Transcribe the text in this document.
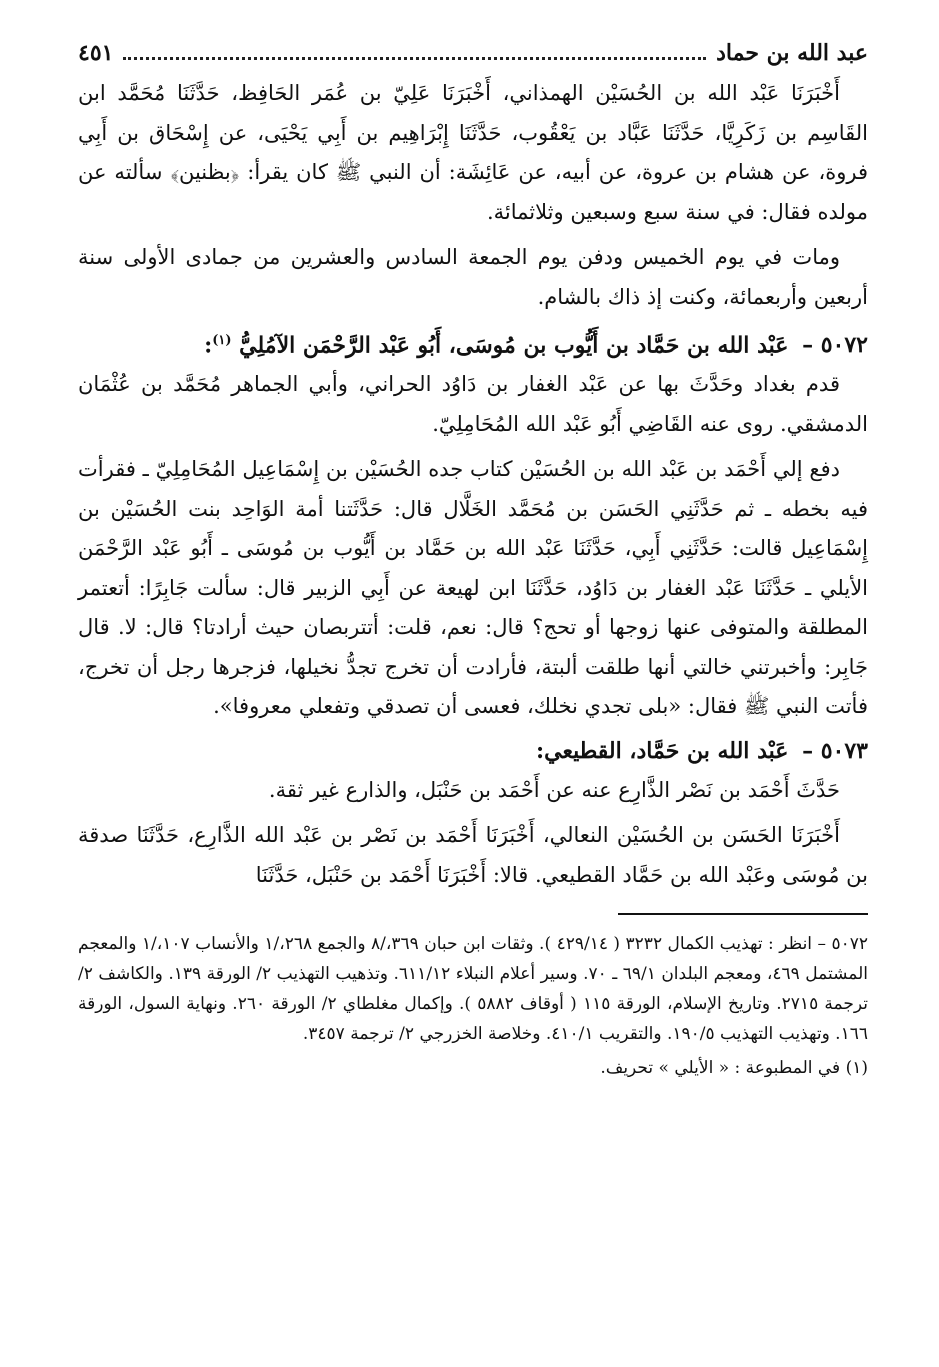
عبد الله بن حماد
٤٥١

أَخْبَرَنَا عَبْد الله بن الحُسَيْن الهمذاني، أَخْبَرَنَا عَلِيّ بن عُمَر الحَافِظ، حَدَّثَنَا مُحَمَّد ابن القَاسِم بن زَكَرِيَّا، حَدَّثَنَا عَبَّاد بن يَعْقُوب، حَدَّثَنَا إِبْرَاهِيم بن أَبِي يَحْيَى، عن إِسْحَاق بن أَبِي فروة، عن هشام بن عروة، عن أبيه، عن عَائِشَة: أن النبي ﷺ كان يقرأ: ﴿بظنين﴾ سألته عن مولده فقال: في سنة سبع وسبعين وثلاثمائة.

ومات في يوم الخميس ودفن يوم الجمعة السادس والعشرين من جمادى الأولى سنة أربعين وأربعمائة، وكنت إذ ذاك بالشام.

٥٠٧٢ – عَبْد الله بن حَمَّاد بن أَيُّوب بن مُوسَى، أَبُو عَبْد الرَّحْمَن الآمُلِيُّ $^{(١)}$:

قدم بغداد وحَدَّثَ بها عن عَبْد الغفار بن دَاوُد الحراني، وأبي الجماهر مُحَمَّد بن عُثْمَان الدمشقي. روى عنه القَاضِي أَبُو عَبْد الله المُحَامِلِيّ.

دفع إلي أَحْمَد بن عَبْد الله بن الحُسَيْن كتاب جده الحُسَيْن بن إِسْمَاعِيل المُحَامِلِيّ ـ فقرأت فيه بخطه ـ ثم حَدَّثَنِي الحَسَن بن مُحَمَّد الخَلَّال قال: حَدَّثَتنا أمة الوَاحِد بنت الحُسَيْن بن إِسْمَاعِيل قالت: حَدَّثَنِي أَبِي، حَدَّثَنَا عَبْد الله بن حَمَّاد بن أَيُّوب بن مُوسَى ـ أَبُو عَبْد الرَّحْمَن الأيلي ـ حَدَّثَنَا عَبْد الغفار بن دَاوُد، حَدَّثَنَا ابن لهيعة عن أَبِي الزبير قال: سألت جَابِرًا: أتعتمر المطلقة والمتوفى عنها زوجها أو تحج؟ قال: نعم، قلت: أتتربصان حيث أرادتا؟ قال: لا. قال جَابِر: وأخبرتني خالتي أنها طلقت ألبتة، فأرادت أن تخرج تجدُّ نخيلها، فزجرها رجل أن تخرج، فأتت النبي ﷺ فقال: «بلى تجدي نخلك، فعسى أن تصدقي وتفعلي معروفا».

٥٠٧٣ – عَبْد الله بن حَمَّاد، القطيعي:

حَدَّثَ أَحْمَد بن نَصْر الذَّارِع عنه عن أَحْمَد بن حَنْبَل، والذارع غير ثقة.

أَخْبَرَنَا الحَسَن بن الحُسَيْن النعالي، أَخْبَرَنَا أَحْمَد بن نَصْر بن عَبْد الله الذَّارِع، حَدَّثَنَا صدقة بن مُوسَى وعَبْد الله بن حَمَّاد القطيعي. قالا: أَخْبَرَنَا أَحْمَد بن حَنْبَل، حَدَّثَنَا

٥٠٧٢ – انظر : تهذيب الكمال ٣٢٣٢ ( ٤٢٩/١٤ ). وثقات ابن حبان ٣٦٩،/٨ والجمع ٢٦٨،/١ والأنساب ١٠٧،/١ والمعجم المشتمل ٤٦٩، ومعجم البلدان ٦٩/١ ـ ٧٠. وسير أعلام النبلاء ٦١١/١٢. وتذهيب التهذيب ٢/ الورقة ١٣٩. والكاشف ٢/ ترجمة ٢٧١٥. وتاريخ الإسلام، الورقة ١١٥ ( أوقاف ٥٨٨٢ ). وإكمال مغلطاي ٢/ الورقة ٢٦٠. ونهاية السول، الورقة ١٦٦. وتهذيب التهذيب ١٩٠/٥. والتقريب ٤١٠/١. وخلاصة الخزرجي ٢/ ترجمة ٣٤٥٧.

(١) في المطبوعة : « الأيلي » تحريف.
